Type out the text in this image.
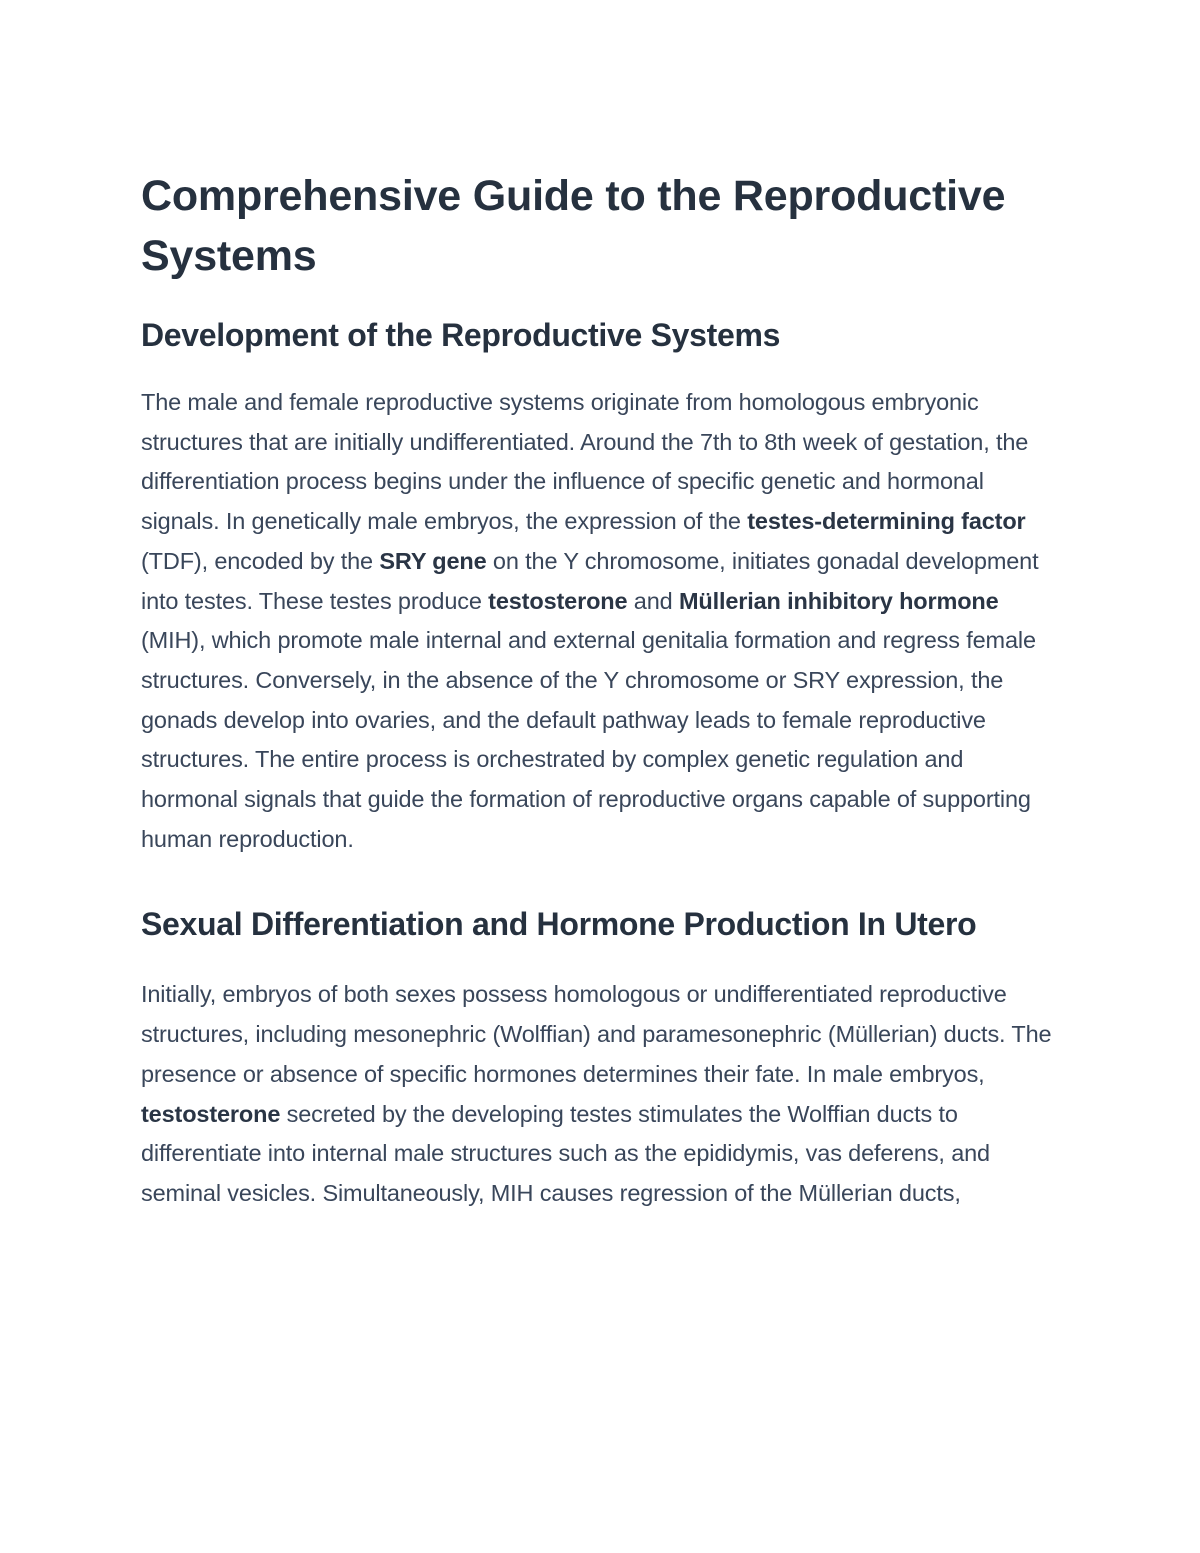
Comprehensive Guide to the Reproductive Systems
Development of the Reproductive Systems

The male and female reproductive systems originate from homologous embryonic structures that are initially undifferentiated. Around the 7th to 8th week of gestation, the differentiation process begins under the influence of specific genetic and hormonal signals. In genetically male embryos, the expression of the testes-determining factor (TDF), encoded by the SRY gene on the Y chromosome, initiates gonadal development into testes. These testes produce testosterone and Müllerian inhibitory hormone (MIH), which promote male internal and external genitalia formation and regress female structures. Conversely, in the absence of the Y chromosome or SRY expression, the gonads develop into ovaries, and the default pathway leads to female reproductive structures. The entire process is orchestrated by complex genetic regulation and hormonal signals that guide the formation of reproductive organs capable of supporting human reproduction.

Sexual Differentiation and Hormone Production In Utero

Initially, embryos of both sexes possess homologous or undifferentiated reproductive structures, including mesonephric (Wolffian) and paramesonephric (Müllerian) ducts. The presence or absence of specific hormones determines their fate. In male embryos, testosterone secreted by the developing testes stimulates the Wolffian ducts to differentiate into internal male structures such as the epididymis, vas deferens, and seminal vesicles. Simultaneously, MIH causes regression of the Müllerian ducts,
